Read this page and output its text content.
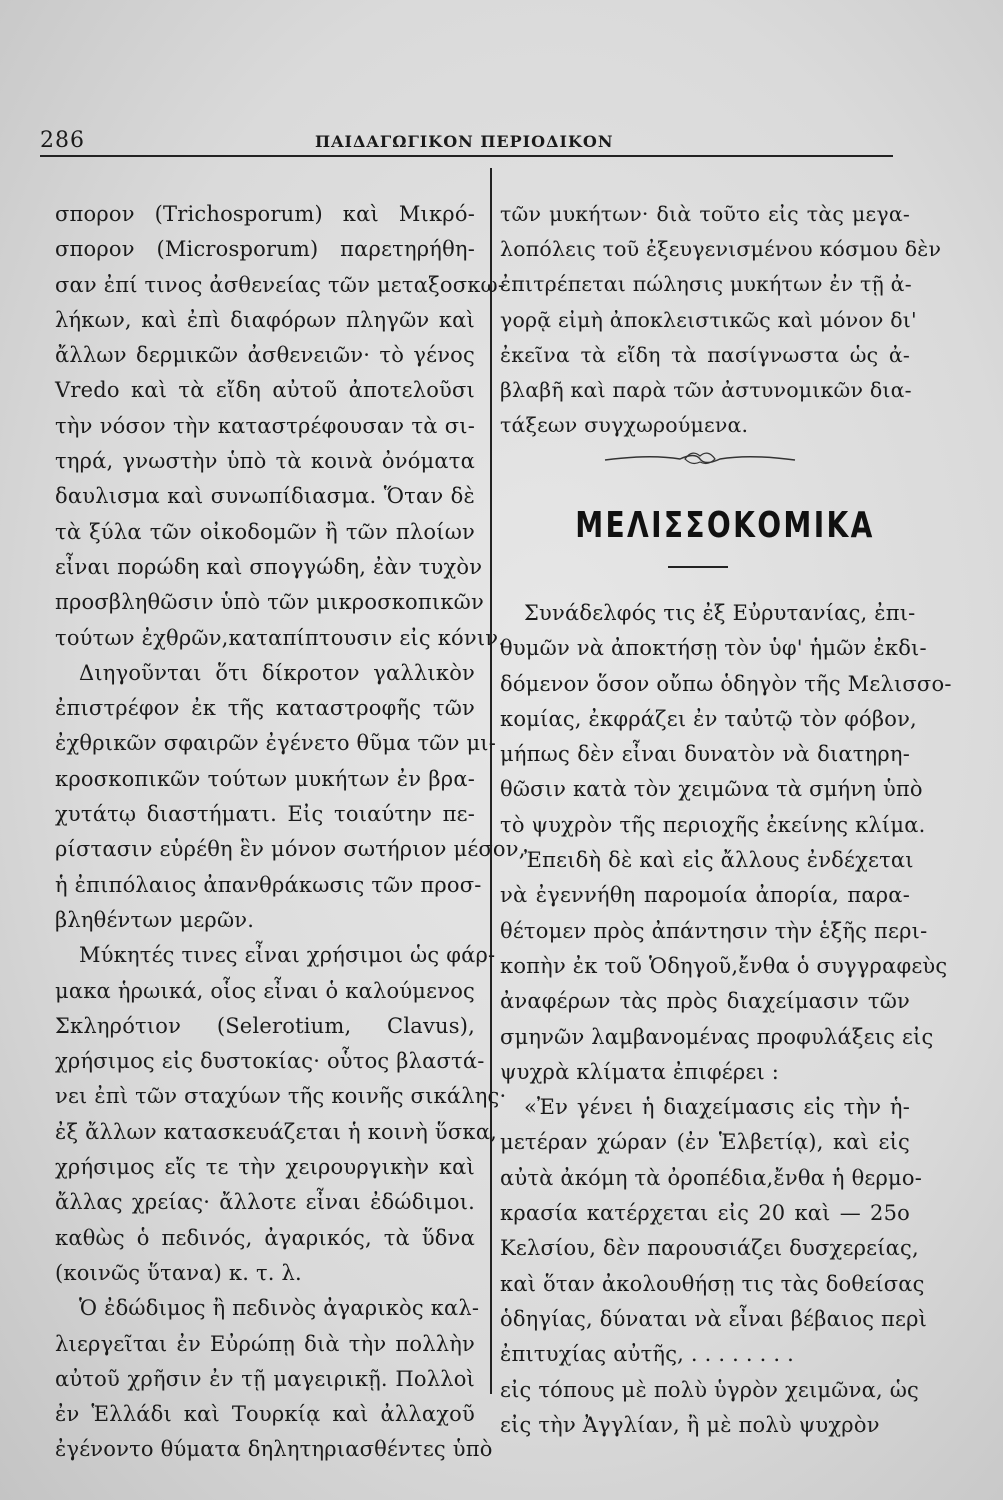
286	ΠΑΙΔΑΓΩΓΙΚΟΝ ΠΕΡΙΟΔΙΚΟΝ
σπορον (Trichosporum) καὶ Μικρό-
σπορον (Microsporum) παρετηρήθη-
σαν ἐπί τινος ἀσθενείας τῶν μεταξοσκω-
λήκων, καὶ ἐπὶ διαφόρων πληγῶν καὶ
ἄλλων δερμικῶν ἀσθενειῶν· τὸ γένος
Vredo καὶ τὰ εἴδη αὐτοῦ ἀποτελοῦσι
τὴν νόσον τὴν καταστρέφουσαν τὰ σι-
τηρά, γνωστὴν ὑπὸ τὰ κοινὰ ὀνόματα
δαυλισμα καὶ συνωπίδιασμα. Ὅταν δὲ
τὰ ξύλα τῶν οἰκοδομῶν ἢ τῶν πλοίων
εἶναι πορώδη καὶ σπογγώδη, ἐὰν τυχὸν
προσβληθῶσιν ὑπὸ τῶν μικροσκοπικῶν
τούτων ἐχθρῶν,καταπίπτουσιν εἰς κόνιν.
Διηγοῦνται ὅτι δίκροτον γαλλικὸν
ἐπιστρέφον ἐκ τῆς καταστροφῆς τῶν
ἐχθρικῶν σφαιρῶν ἐγένετο θῦμα τῶν μι-
κροσκοπικῶν τούτων μυκήτων ἐν βρα-
χυτάτῳ διαστήματι. Εἰς τοιαύτην πε-
ρίστασιν εὑρέθη ἓν μόνον σωτήριον μέσον,
ἡ ἐπιπόλαιος ἀπανθράκωσις τῶν προσ-
βληθέντων μερῶν.
Μύκητές τινες εἶναι χρήσιμοι ὡς φάρ-
μακα ἡρωικά, οἷος εἶναι ὁ καλούμενος
Σκληρότιον (Selerotium, Clavus),
χρήσιμος εἰς δυστοκίας· οὗτος βλαστά-
νει ἐπὶ τῶν σταχύων τῆς κοινῆς σικάλης·
ἐξ ἄλλων κατασκευάζεται ἡ κοινὴ ὕσκα,
χρήσιμος εἴς τε τὴν χειρουργικὴν καὶ
ἄλλας χρείας· ἄλλοτε εἶναι ἐδώδιμοι.
καθὼς ὁ πεδινός, ἀγαρικός, τὰ ὕδνα
(κοινῶς ὕτανα) κ. τ. λ.
Ὁ ἐδώδιμος ἢ πεδινὸς ἀγαρικὸς καλ-
λιεργεῖται ἐν Εὐρώπῃ διὰ τὴν πολλὴν
αὐτοῦ χρῆσιν ἐν τῇ μαγειρικῇ. Πολλοὶ
ἐν Ἑλλάδι καὶ Τουρκίᾳ καὶ ἀλλαχοῦ
ἐγένοντο θύματα δηλητηριασθέντες ὑπὸ
τῶν μυκήτων· διὰ τοῦτο εἰς τὰς μεγα-
λοπόλεις τοῦ ἐξευγενισμένου κόσμου δὲν
ἐπιτρέπεται πώλησις μυκήτων ἐν τῇ ἀ-
γορᾷ εἰμὴ ἀποκλειστικῶς καὶ μόνον δι'
ἐκεῖνα τὰ εἴδη τὰ πασίγνωστα ὡς ἀ-
βλαβῆ καὶ παρὰ τῶν ἀστυνομικῶν δια-
τάξεων συγχωρούμενα.
ΜΕΛΙΣΣΟΚΟΜΙΚΑ
Συνάδελφός τις ἐξ Εὐρυτανίας, ἐπι-
θυμῶν νὰ ἀποκτήσῃ τὸν ὑφ' ἡμῶν ἐκδι-
δόμενον ὅσον οὔπω ὁδηγὸν τῆς Μελισσο-
κομίας, ἐκφράζει ἐν ταὐτῷ τὸν φόβον,
μήπως δὲν εἶναι δυνατὸν νὰ διατηρη-
θῶσιν κατὰ τὸν χειμῶνα τὰ σμήνη ὑπὸ
τὸ ψυχρὸν τῆς περιοχῆς ἐκείνης κλίμα.
Ἐπειδὴ δὲ καὶ εἰς ἄλλους ἐνδέχεται
νὰ ἐγεννήθη παρομοία ἀπορία, παρα-
θέτομεν πρὸς ἀπάντησιν τὴν ἑξῆς περι-
κοπὴν ἐκ τοῦ Ὁδηγοῦ,ἔνθα ὁ συγγραφεὺς
ἀναφέρων τὰς πρὸς διαχείμασιν τῶν
σμηνῶν λαμβανομένας προφυλάξεις εἰς
ψυχρὰ κλίματα ἐπιφέρει :
«Ἐν γένει ἡ διαχείμασις εἰς τὴν ἡ-
μετέραν χώραν (ἐν Ἑλβετίᾳ), καὶ εἰς
αὐτὰ ἀκόμη τὰ ὀροπέδια,ἔνθα ἡ θερμο-
κρασία κατέρχεται εἰς 20 καὶ — 25ο
Κελσίου, δὲν παρουσιάζει δυσχερείας,
καὶ ὅταν ἀκολουθήσῃ τις τὰς δοθείσας
ὁδηγίας, δύναται νὰ εἶναι βέβαιος περὶ
ἐπιτυχίας αὐτῆς, . . . . . . . .
εἰς τόπους μὲ πολὺ ὑγρὸν χειμῶνα, ὡς
εἰς τὴν Ἀγγλίαν, ἢ μὲ πολὺ ψυχρὸν
